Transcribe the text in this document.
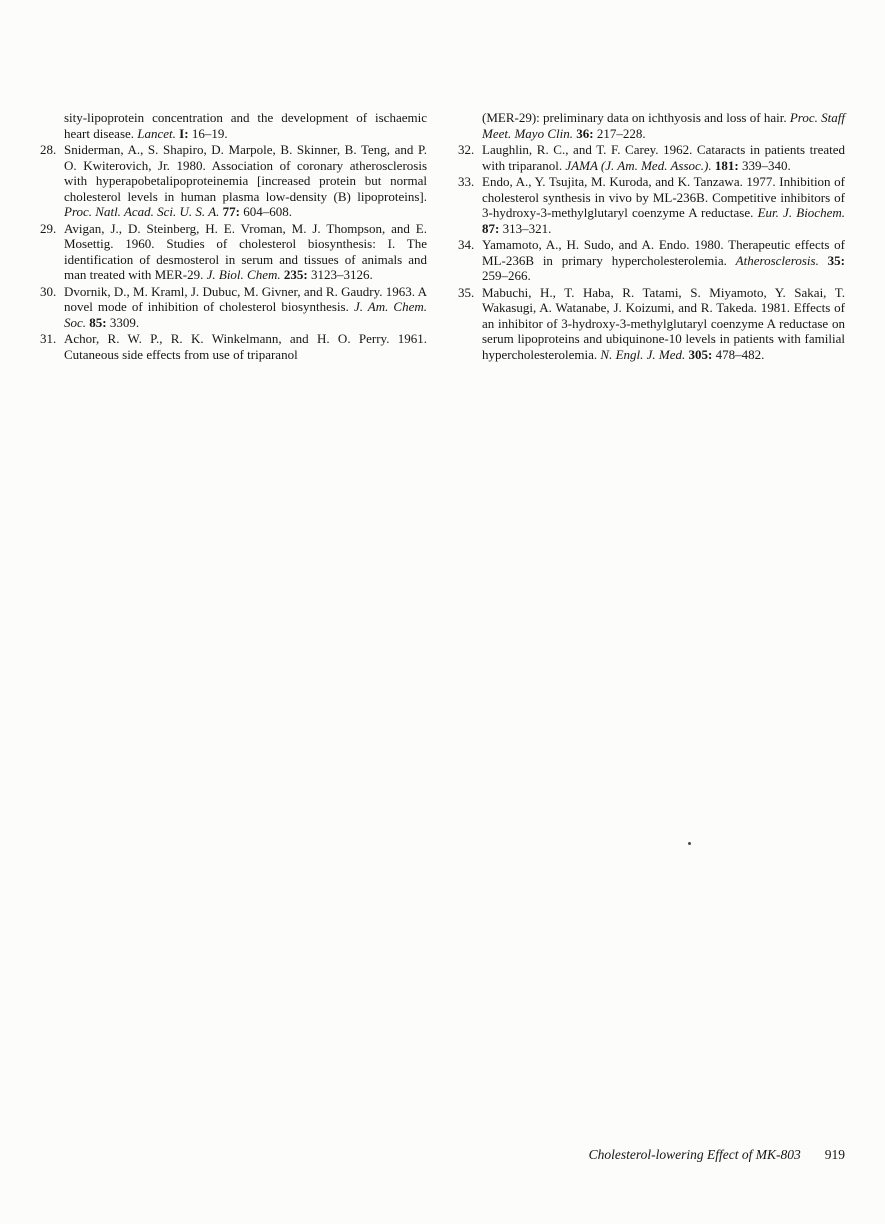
sity-lipoprotein concentration and the development of ischaemic heart disease. Lancet. I: 16–19.
28. Sniderman, A., S. Shapiro, D. Marpole, B. Skinner, B. Teng, and P. O. Kwiterovich, Jr. 1980. Association of coronary atherosclerosis with hyperapobetalipoproteinemia [increased protein but normal cholesterol levels in human plasma low-density (B) lipoproteins]. Proc. Natl. Acad. Sci. U. S. A. 77: 604–608.
29. Avigan, J., D. Steinberg, H. E. Vroman, M. J. Thompson, and E. Mosettig. 1960. Studies of cholesterol biosynthesis: I. The identification of desmosterol in serum and tissues of animals and man treated with MER-29. J. Biol. Chem. 235: 3123–3126.
30. Dvornik, D., M. Kraml, J. Dubuc, M. Givner, and R. Gaudry. 1963. A novel mode of inhibition of cholesterol biosynthesis. J. Am. Chem. Soc. 85: 3309.
31. Achor, R. W. P., R. K. Winkelmann, and H. O. Perry. 1961. Cutaneous side effects from use of triparanol
(MER-29): preliminary data on ichthyosis and loss of hair. Proc. Staff Meet. Mayo Clin. 36: 217–228.
32. Laughlin, R. C., and T. F. Carey. 1962. Cataracts in patients treated with triparanol. JAMA (J. Am. Med. Assoc.). 181: 339–340.
33. Endo, A., Y. Tsujita, M. Kuroda, and K. Tanzawa. 1977. Inhibition of cholesterol synthesis in vivo by ML-236B. Competitive inhibitors of 3-hydroxy-3-methylglutaryl coenzyme A reductase. Eur. J. Biochem. 87: 313–321.
34. Yamamoto, A., H. Sudo, and A. Endo. 1980. Therapeutic effects of ML-236B in primary hypercholesterolemia. Atherosclerosis. 35: 259–266.
35. Mabuchi, H., T. Haba, R. Tatami, S. Miyamoto, Y. Sakai, T. Wakasugi, A. Watanabe, J. Koizumi, and R. Takeda. 1981. Effects of an inhibitor of 3-hydroxy-3-methylglutaryl coenzyme A reductase on serum lipoproteins and ubiquinone-10 levels in patients with familial hypercholesterolemia. N. Engl. J. Med. 305: 478–482.
Cholesterol-lowering Effect of MK-803 919
